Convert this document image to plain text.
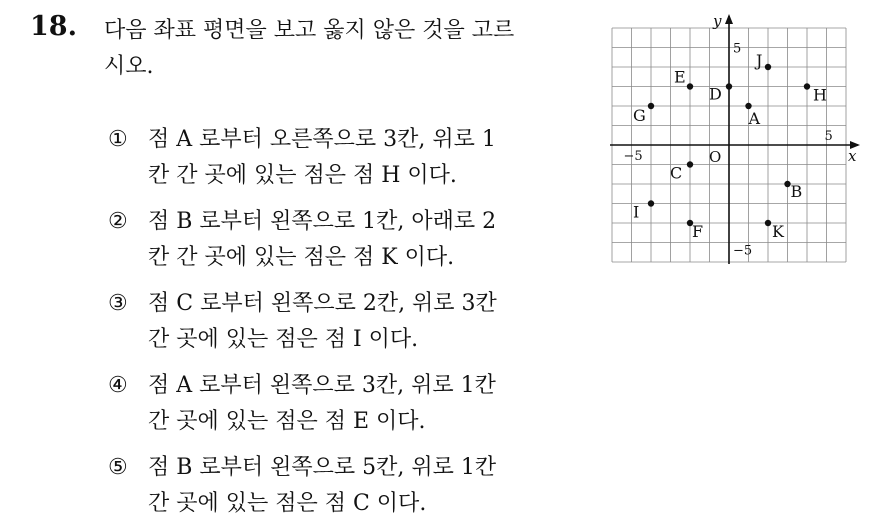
18. 다음 좌표 평면을 보고 옳지 않은 것을 고르
시오.
① 점 A 로부터 오른쪽으로 3칸, 위로 1
칸 간 곳에 있는 점은 점 H 이다.
② 점 B 로부터 왼쪽으로 1칸, 아래로 2
칸 간 곳에 있는 점은 점 K 이다.
③ 점 C 로부터 왼쪽으로 2칸, 위로 3칸
간 곳에 있는 점은 점 I 이다.
④ 점 A 로부터 왼쪽으로 3칸, 위로 1칸
간 곳에 있는 점은 점 E 이다.
⑤ 점 B 로부터 왼쪽으로 5칸, 위로 1칸
간 곳에 있는 점은 점 C 이다.
x
y
O
−5
5
5
−5
A
B
C
D
E
F
G
H
I
J
K
